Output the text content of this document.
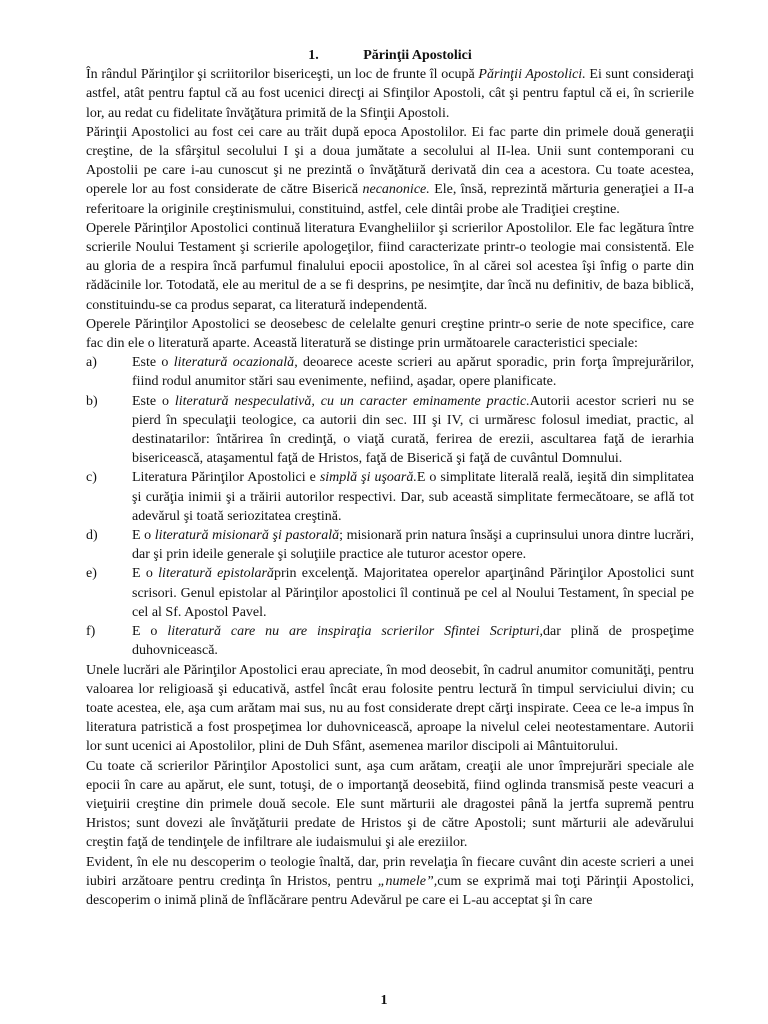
1.	Părinţii Apostolici

În rândul Părinţilor şi scriitorilor bisericeşti, un loc de frunte îl ocupă Părinţii Apostolici. Ei sunt consideraţi astfel, atât pentru faptul că au fost ucenici direcţi ai Sfinţilor Apostoli, cât şi pentru faptul că ei, în scrierile lor, au redat cu fidelitate învăţătura primită de la Sfinţii Apostoli.

Părinţii Apostolici au fost cei care au trăit după epoca Apostolilor. Ei fac parte din primele două generaţii creştine, de la sfârşitul secolului I şi a doua jumătate a secolului al II-lea. Unii sunt contemporani cu Apostolii pe care i-au cunoscut şi ne prezintă o învăţătură derivată din cea a acestora. Cu toate acestea, operele lor au fost considerate de către Biserică necanonice. Ele, însă, reprezintă mărturia generaţiei a II-a referitoare la originile creştinismului, constituind, astfel, cele dintâi probe ale Tradiţiei creştine.

Operele Părinţilor Apostolici continuă literatura Evangheliilor şi scrierilor Apostolilor. Ele fac legătura între scrierile Noului Testament şi scrierile apologeţilor, fiind caracterizate printr-o teologie mai consistentă. Ele au gloria de a respira încă parfumul finalului epocii apostolice, în al cărei sol acestea îşi înfig o parte din rădăcinile lor. Totodată, ele au meritul de a se fi desprins, pe nesimţite, dar încă nu definitiv, de baza biblică, constituindu-se ca produs separat, ca literatură independentă.

Operele Părinţilor Apostolici se deosebesc de celelalte genuri creştine printr-o serie de note specifice, care fac din ele o literatură aparte. Această literatură se distinge prin următoarele caracteristici speciale:

a)	Este o literatură ocazională, deoarece aceste scrieri au apărut sporadic, prin forţa împrejurărilor, fiind rodul anumitor stări sau evenimente, nefiind, aşadar, opere planificate.
b)	Este o literatură nespeculativă, cu un caracter eminamente practic.Autorii acestor scrieri nu se pierd în speculaţii teologice, ca autorii din sec. III şi IV, ci urmăresc folosul imediat, practic, al destinatarilor: întărirea în credinţă, o viaţă curată, ferirea de erezii, ascultarea faţă de ierarhia bisericească, ataşamentul faţă de Hristos, faţă de Biserică şi faţă de cuvântul Domnului.
c)	Literatura Părinţilor Apostolici e simplă şi uşoară.E o simplitate literală reală, ieşită din simplitatea şi curăţia inimii şi a trăirii autorilor respectivi. Dar, sub această simplitate fermecătoare, se află tot adevărul şi toată seriozitatea creştină.
d)	E o literatură misionară şi pastorală; misionară prin natura însăşi a cuprinsului unora dintre lucrări, dar şi prin ideile generale şi soluţiile practice ale tuturor acestor opere.
e)	E o literatură epistolarăprin excelenţă. Majoritatea operelor aparţinând Părinţilor Apostolici sunt scrisori. Genul epistolar al Părinţilor apostolici îl continuă pe cel al Noului Testament, în special pe cel al Sf. Apostol Pavel.
f)	E o literatură care nu are inspiraţia scrierilor Sfintei Scripturi,dar plină de prospeţime duhovnicească.

Unele lucrări ale Părinţilor Apostolici erau apreciate, în mod deosebit, în cadrul anumitor comunităţi, pentru valoarea lor religioasă şi educativă, astfel încât erau folosite pentru lectură în timpul serviciului divin; cu toate acestea, ele, aşa cum arătam mai sus, nu au fost considerate drept cărţi inspirate. Ceea ce le-a impus în literatura patristică a fost prospeţimea lor duhovnicească, aproape la nivelul celei neotestamentare. Autorii lor sunt ucenici ai Apostolilor, plini de Duh Sfânt, asemenea marilor discipoli ai Mântuitorului.

Cu toate că scrierilor Părinţilor Apostolici sunt, aşa cum arătam, creaţii ale unor împrejurări speciale ale epocii în care au apărut, ele sunt, totuşi, de o importanţă deosebită, fiind oglinda transmisă peste veacuri a vieţuirii creştine din primele două secole. Ele sunt mărturii ale dragostei până la jertfa supremă pentru Hristos; sunt dovezi ale învăţăturii predate de Hristos şi de către Apostoli; sunt mărturii ale adevărului creştin faţă de tendinţele de infiltrare ale iudaismului şi ale ereziilor.

Evident, în ele nu descoperim o teologie înaltă, dar, prin revelaţia în fiecare cuvânt din aceste scrieri a unei iubiri arzătoare pentru credinţa în Hristos, pentru „numele”,cum se exprimă mai toţi Părinţii Apostolici, descoperim o inimă plină de înflăcărare pentru Adevărul pe care ei L-au acceptat şi în care

1
